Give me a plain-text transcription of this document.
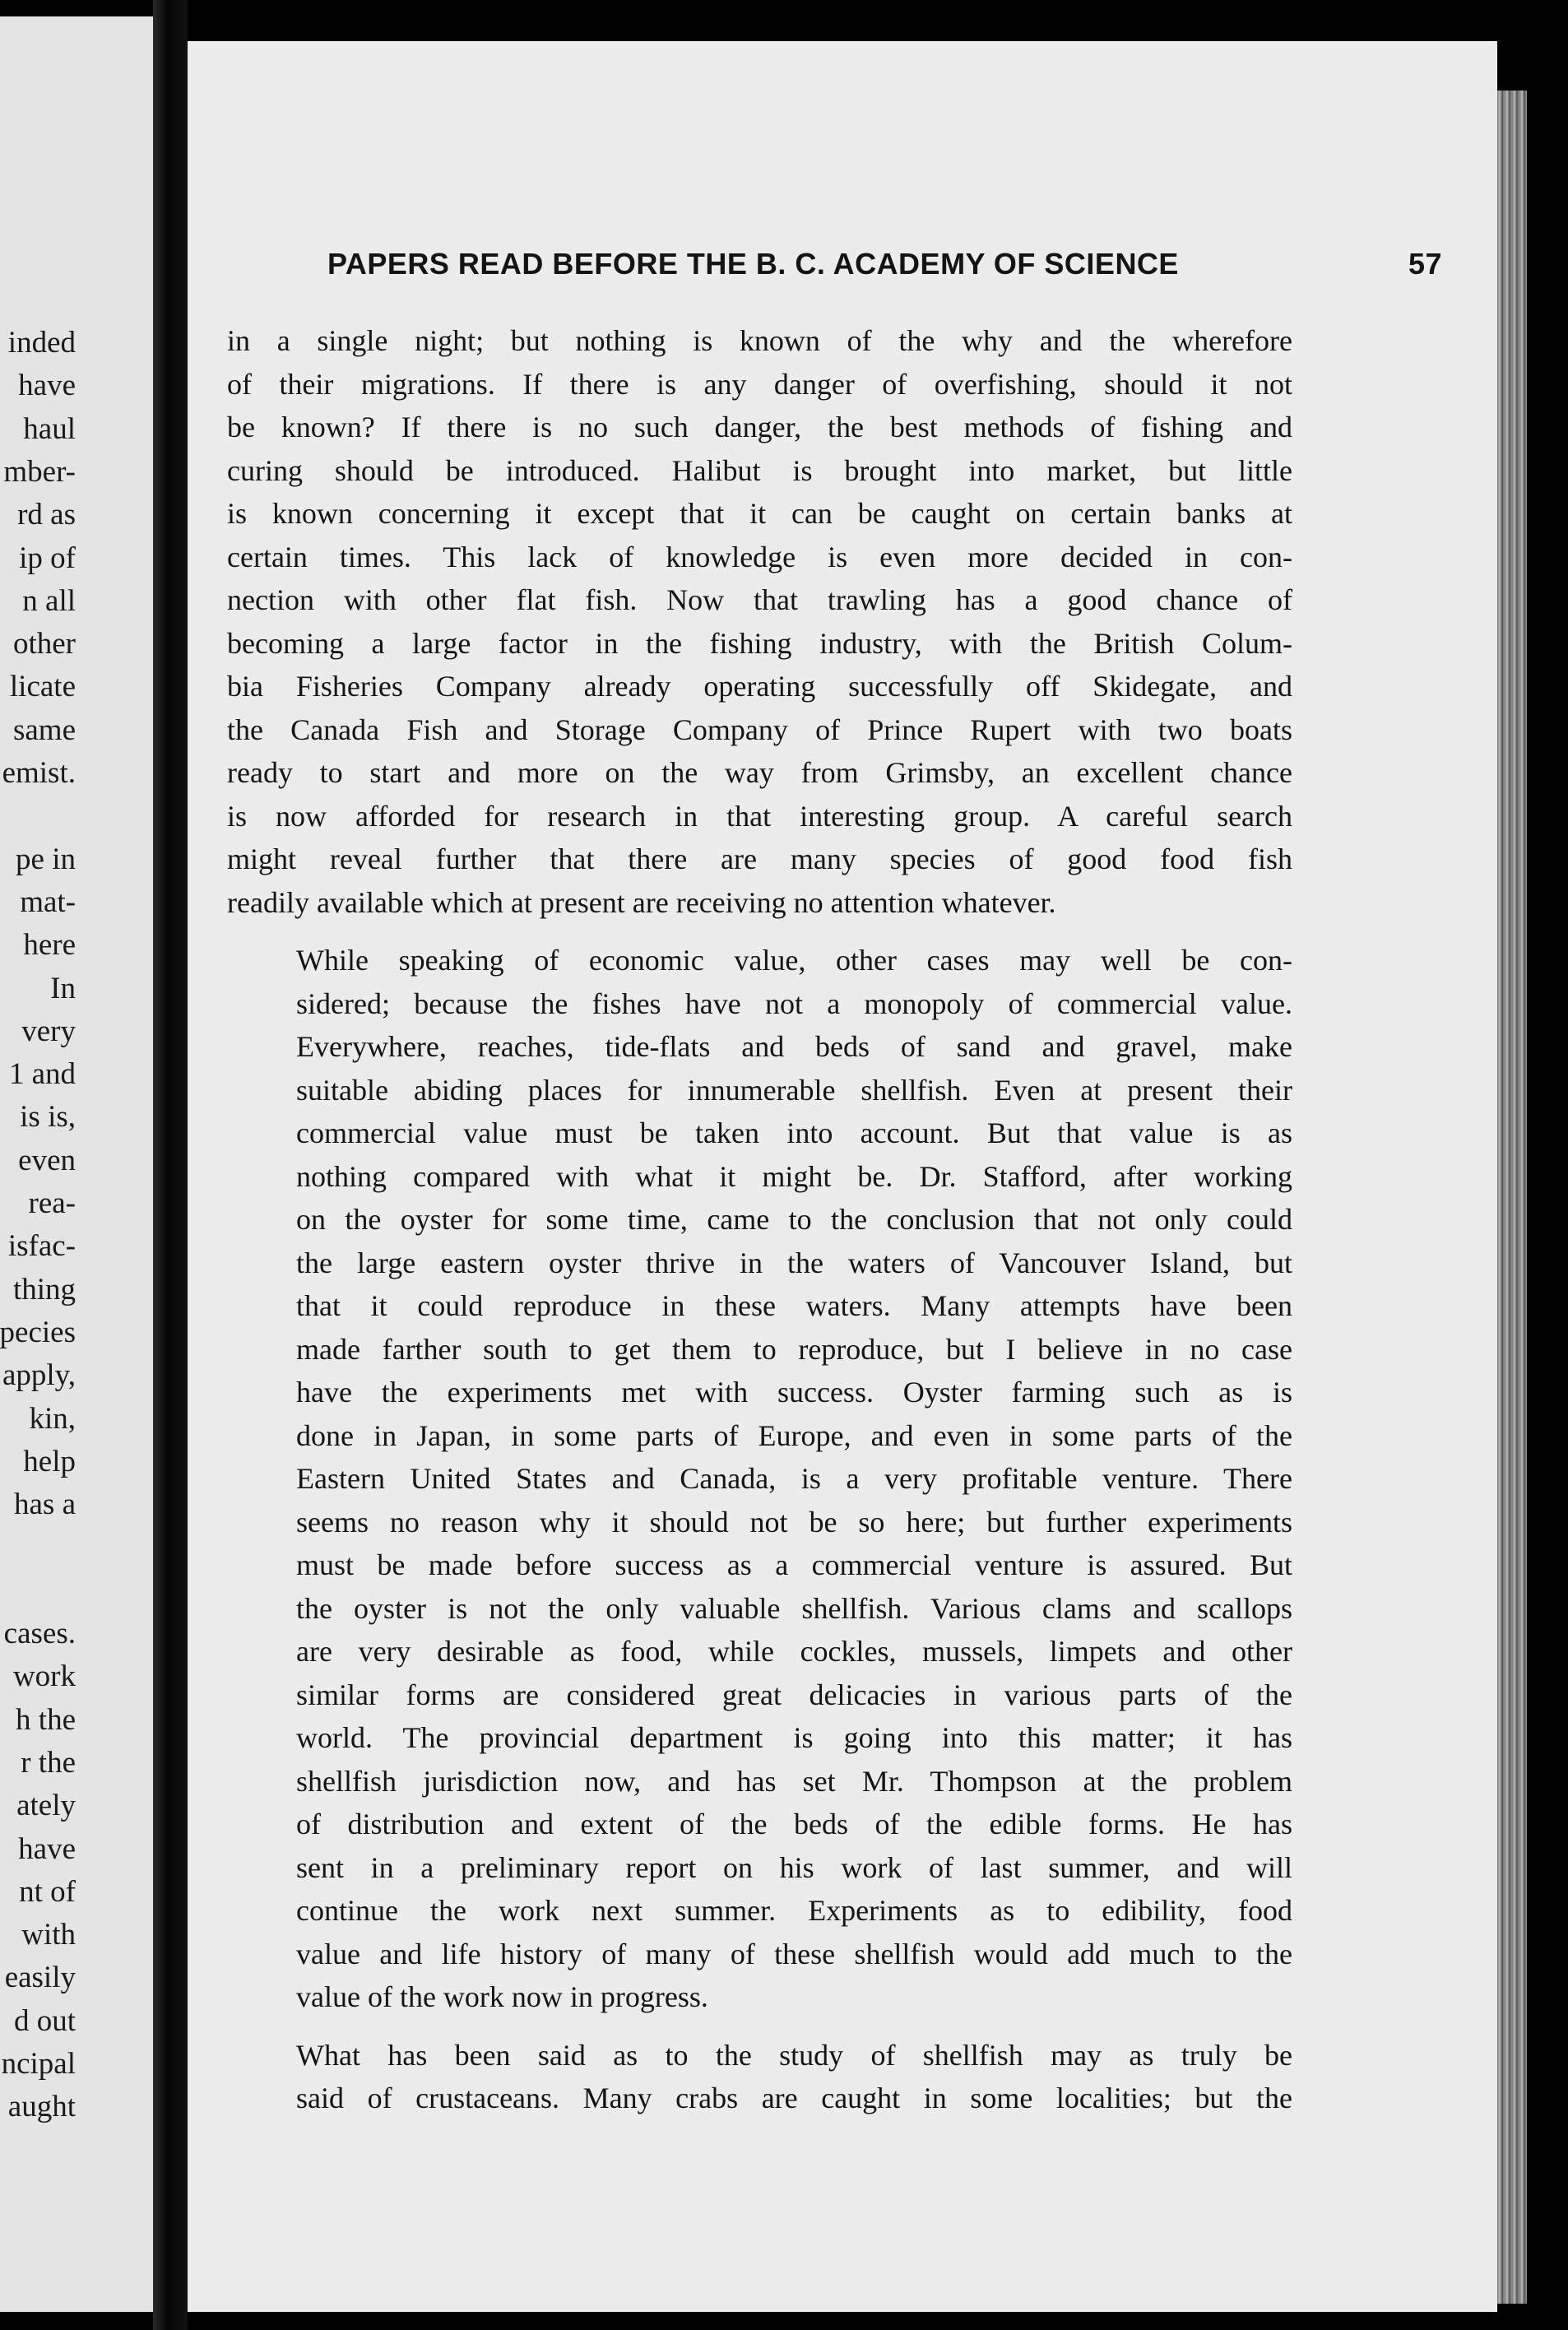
inded
have
haul
mber-
rd as
ip of
n all
other
licate
same
emist.
pe in
mat-
here
In
very
1 and
is is,
even
rea-
isfac-
thing
pecies
apply,
kin,
help
has a
cases.
work
h the
r the
ately
have
nt of
with
easily
d out
ncipal
aught
PAPERS READ BEFORE THE B. C. ACADEMY OF SCIENCE	57

in a single night; but nothing is known of the why and the wherefore
of their migrations. If there is any danger of overfishing, should it not
be known? If there is no such danger, the best methods of fishing and
curing should be introduced. Halibut is brought into market, but little
is known concerning it except that it can be caught on certain banks at
certain times. This lack of knowledge is even more decided in con-
nection with other flat fish. Now that trawling has a good chance of
becoming a large factor in the fishing industry, with the British Colum-
bia Fisheries Company already operating successfully off Skidegate, and
the Canada Fish and Storage Company of Prince Rupert with two boats
ready to start and more on the way from Grimsby, an excellent chance
is now afforded for research in that interesting group. A careful search
might reveal further that there are many species of good food fish
readily available which at present are receiving no attention whatever.

While speaking of economic value, other cases may well be con-
sidered; because the fishes have not a monopoly of commercial value.
Everywhere, reaches, tide-flats and beds of sand and gravel, make
suitable abiding places for innumerable shellfish. Even at present their
commercial value must be taken into account. But that value is as
nothing compared with what it might be. Dr. Stafford, after working
on the oyster for some time, came to the conclusion that not only could
the large eastern oyster thrive in the waters of Vancouver Island, but
that it could reproduce in these waters. Many attempts have been
made farther south to get them to reproduce, but I believe in no case
have the experiments met with success. Oyster farming such as is
done in Japan, in some parts of Europe, and even in some parts of the
Eastern United States and Canada, is a very profitable venture. There
seems no reason why it should not be so here; but further experiments
must be made before success as a commercial venture is assured. But
the oyster is not the only valuable shellfish. Various clams and scallops
are very desirable as food, while cockles, mussels, limpets and other
similar forms are considered great delicacies in various parts of the
world. The provincial department is going into this matter; it has
shellfish jurisdiction now, and has set Mr. Thompson at the problem
of distribution and extent of the beds of the edible forms. He has
sent in a preliminary report on his work of last summer, and will
continue the work next summer. Experiments as to edibility, food
value and life history of many of these shellfish would add much to the
value of the work now in progress.

What has been said as to the study of shellfish may as truly be
said of crustaceans. Many crabs are caught in some localities; but the
